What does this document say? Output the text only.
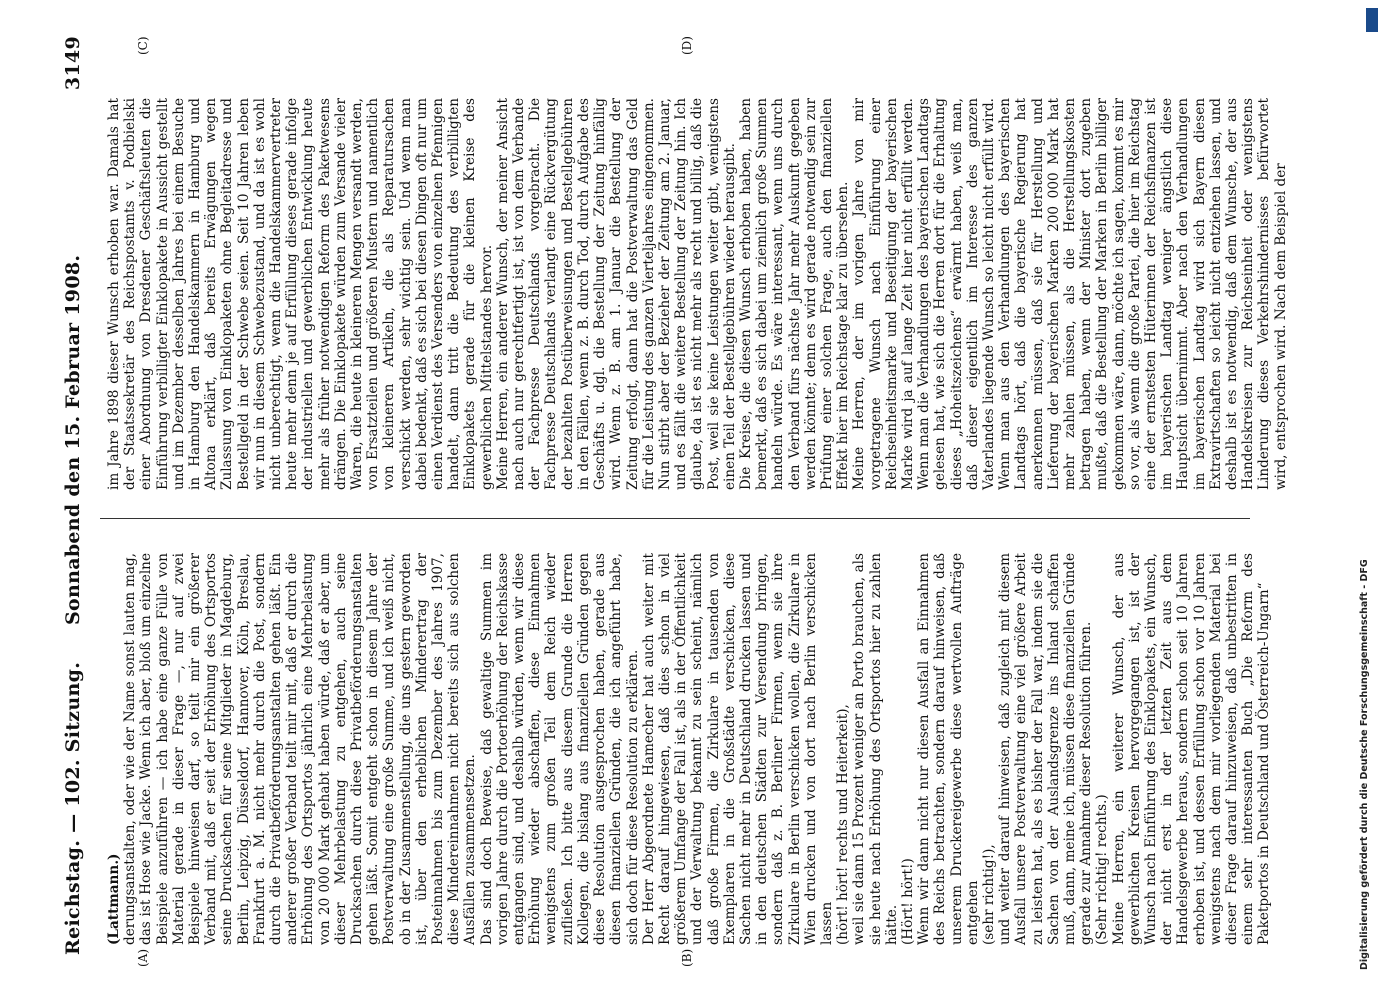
Reichstag. — 102. Sitzung.
Sonnabend den 15. Februar 1908.
3149
(A)	(B)
(C)	(D)
(Lattmann.)
derungsanstalten, oder wie der Name sonst lauten mag, das ist Hose wie Jacke. Wenn ich aber, bloß um einzelne Beispiele anzuführen — ich habe eine ganze Fülle von Material gerade in dieser Frage —, nur auf zwei Beispiele hinweisen darf, so teilt mir ein größerer Verband mit, daß er seit der Erhöhung des Ortsportos seine Drucksachen für seine Mitglieder in Magdeburg, Berlin, Leipzig, Düsseldorf, Hannover, Köln, Breslau, Frankfurt a. M. nicht mehr durch die Post, sondern durch die Privatbeförderungsanstalten gehen läßt. Ein anderer großer Verband teilt mir mit, daß er durch die Erhöhung des Ortsportos jährlich eine Mehrbelastung von 20 000 Mark gehabt haben würde, daß er aber, um dieser Mehrbelastung zu entgehen, auch seine Drucksachen durch diese Privatbeförderungsanstalten gehen läßt. Somit entgeht schon in diesem Jahre der Postverwaltung eine große Summe, und ich weiß nicht, ob in der Zusammenstellung, die uns gestern geworden ist, über den erheblichen Minderertrag der Posteinnahmen bis zum Dezember des Jahres 1907, diese Mindereinnahmen nicht bereits sich aus solchen Ausfällen zusammensetzen.
Das sind doch Beweise, daß gewaltige Summen im vorigen Jahre durch die Portoerhöhung der Reichskasse entgangen sind, und deshalb würden, wenn wir diese Erhöhung wieder abschaffen, diese Einnahmen wenigstens zum großen Teil dem Reich wieder zufließen. Ich bitte aus diesem Grunde die Herren Kollegen, die bislang aus finanziellen Gründen gegen diese Resolution ausgesprochen haben, gerade aus diesen finanziellen Gründen, die ich angeführt habe, sich doch für diese Resolution zu erklären.
Der Herr Abgeordnete Hamecher hat auch weiter mit Recht darauf hingewiesen, daß dies schon in viel größerem Umfange der Fall ist, als in der Öffentlichkeit und der Verwaltung bekannt zu sein scheint, nämlich daß große Firmen, die Zirkulare in tausenden von Exemplaren in die Großstädte verschicken, diese Sachen nicht mehr in Deutschland drucken lassen und in den deutschen Städten zur Versendung bringen, sondern daß z. B. Berliner Firmen, wenn sie ihre Zirkulare in Berlin verschicken wollen, die Zirkulare in Wien drucken und von dort nach Berlin verschicken lassen
(hört! hört! rechts und Heiterkeit),
weil sie dann 15 Prozent weniger an Porto brauchen, als sie heute nach Erhöhung des Ortsportos hier zu zahlen hätte.
(Hört! hört!)
Wenn wir dann nicht nur diesen Ausfall an Einnahmen des Reichs betrachten, sondern darauf hinweisen, daß unserem Druckereigewerbe diese wertvollen Aufträge entgehen
(sehr richtig!),
und weiter darauf hinweisen, daß zugleich mit diesem Ausfall unsere Postverwaltung eine viel größere Arbeit zu leisten hat, als es bisher der Fall war, indem sie die Sachen von der Auslandsgrenze ins Inland schaffen muß, dann, meine ich, müssen diese finanziellen Gründe gerade zur Annahme dieser Resolution führen.
(Sehr richtig! rechts.)
Meine Herren, ein weiterer Wunsch, der aus gewerblichen Kreisen hervorgegangen ist, ist der Wunsch nach Einführung des Einklopakets, ein Wunsch, der nicht erst in der letzten Zeit aus dem Handelsgewerbe heraus, sondern schon seit 10 Jahren erhoben ist, und dessen Erfüllung schon vor 10 Jahren wenigstens nach dem mir vorliegenden Material bei dieser Frage darauf hinzuweisen, daß unbestritten in einem sehr interessanten Buch „Die Reform des Paketportos in Deutschland und Österreich-Ungarn“
im Jahre 1898 dieser Wunsch erhoben war. Damals hat der Staatssekretär des Reichspostamts v. Podbielski einer Abordnung von Dresdener Geschäftsleuten die Einführung verbilligter Einklopakete in Aussicht gestellt und im Dezember desselben Jahres bei einem Besuche in Hamburg den Handelskammern in Hamburg und Altona erklärt, daß bereits Erwägungen wegen Zulassung von Einklopaketen ohne Begleitadresse und Bestellgeld in der Schwebe seien. Seit 10 Jahren leben wir nun in diesem Schwebezustand, und da ist es wohl nicht unberechtigt, wenn die Handelskammervertreter heute mehr denn je auf Erfüllung dieses gerade infolge der industriellen und gewerblichen Entwicklung heute mehr als früher notwendigen Reform des Paketwesens drängen. Die Einklopakete würden zum Versande vieler Waren, die heute in kleineren Mengen versandt werden, von Ersatzteilen und größeren Mustern und namentlich von kleineren Artikeln, die als Reparatursachen verschickt werden, sehr wichtig sein. Und wenn man dabei bedenkt, daß es sich bei diesen Dingen oft nur um einen Verdienst des Versenders von einzelnen Pfennigen handelt, dann tritt die Bedeutung des verbilligten Einklopakets gerade für die kleinen Kreise des gewerblichen Mittelstandes hervor.
Meine Herren, ein anderer Wunsch, der meiner Ansicht nach auch nur gerechtfertigt ist, ist von dem Verbande der Fachpresse Deutschlands vorgebracht. Die Fachpresse Deutschlands verlangt eine Rückvergütung der bezahlten Postüberweisungen und Bestellgebühren in den Fällen, wenn z. B. durch Tod, durch Aufgabe des Geschäfts u. dgl. die Bestellung der Zeitung hinfällig wird. Wenn z. B. am 1. Januar die Bestellung der Zeitung erfolgt, dann hat die Postverwaltung das Geld für die Leistung des ganzen Vierteljahres eingenommen. Nun stirbt aber der Bezieher der Zeitung am 2. Januar, und es fällt die weitere Bestellung der Zeitung hin. Ich glaube, da ist es nicht mehr als recht und billig, daß die Post, weil sie keine Leistungen weiter gibt, wenigstens einen Teil der Bestellgebühren wieder herausgibt.
Die Kreise, die diesen Wunsch erhoben haben, haben bemerkt, daß es sich dabei um ziemlich große Summen handeln würde. Es wäre interessant, wenn uns durch den Verband fürs nächste Jahr mehr Auskunft gegeben werden könnte; denn es wird gerade notwendig sein zur Prüfung einer solchen Frage, auch den finanziellen Effekt hier im Reichstage klar zu übersehen.
Meine Herren, der im vorigen Jahre von mir vorgetragene Wunsch nach Einführung einer Reichseinheitsmarke und Beseitigung der bayerischen Marke wird ja auf lange Zeit hier nicht erfüllt werden. Wenn man die Verhandlungen des bayerischen Landtags gelesen hat, wie sich die Herren dort für die Erhaltung dieses „Hoheitszeichens“ erwärmt haben, weiß man, daß dieser eigentlich im Interesse des ganzen Vaterlandes liegende Wunsch so leicht nicht erfüllt wird. Wenn man aus den Verhandlungen des bayerischen Landtags hört, daß die bayerische Regierung hat anerkennen müssen, daß sie für Herstellung und Lieferung der bayerischen Marken 200 000 Mark hat mehr zahlen müssen, als die Herstellungskosten betragen haben, wenn der Minister dort zugeben mußte, daß die Bestellung der Marken in Berlin billiger gekommen wäre, dann, möchte ich sagen, kommt es mir so vor, als wenn die große Partei, die hier im Reichstag eine der ernstesten Hüterinnen der Reichsfinanzen ist im bayerischen Landtag weniger ängstlich diese Hauptsicht übernimmt. Aber nach den Verhandlungen im bayerischen Landtag wird sich Bayern diesen Extravirtschaften so leicht nicht entziehen lassen, und deshalb ist es notwendig, daß dem Wunsche, der aus Handelskreisen zur Reichseinheit oder wenigstens Linderung dieses Verkehrshindernisses befürwortet wird, entsprochen wird. Nach dem Beispiel der
Digitalisierung gefördert durch die Deutsche Forschungsgemeinschaft - DFG
